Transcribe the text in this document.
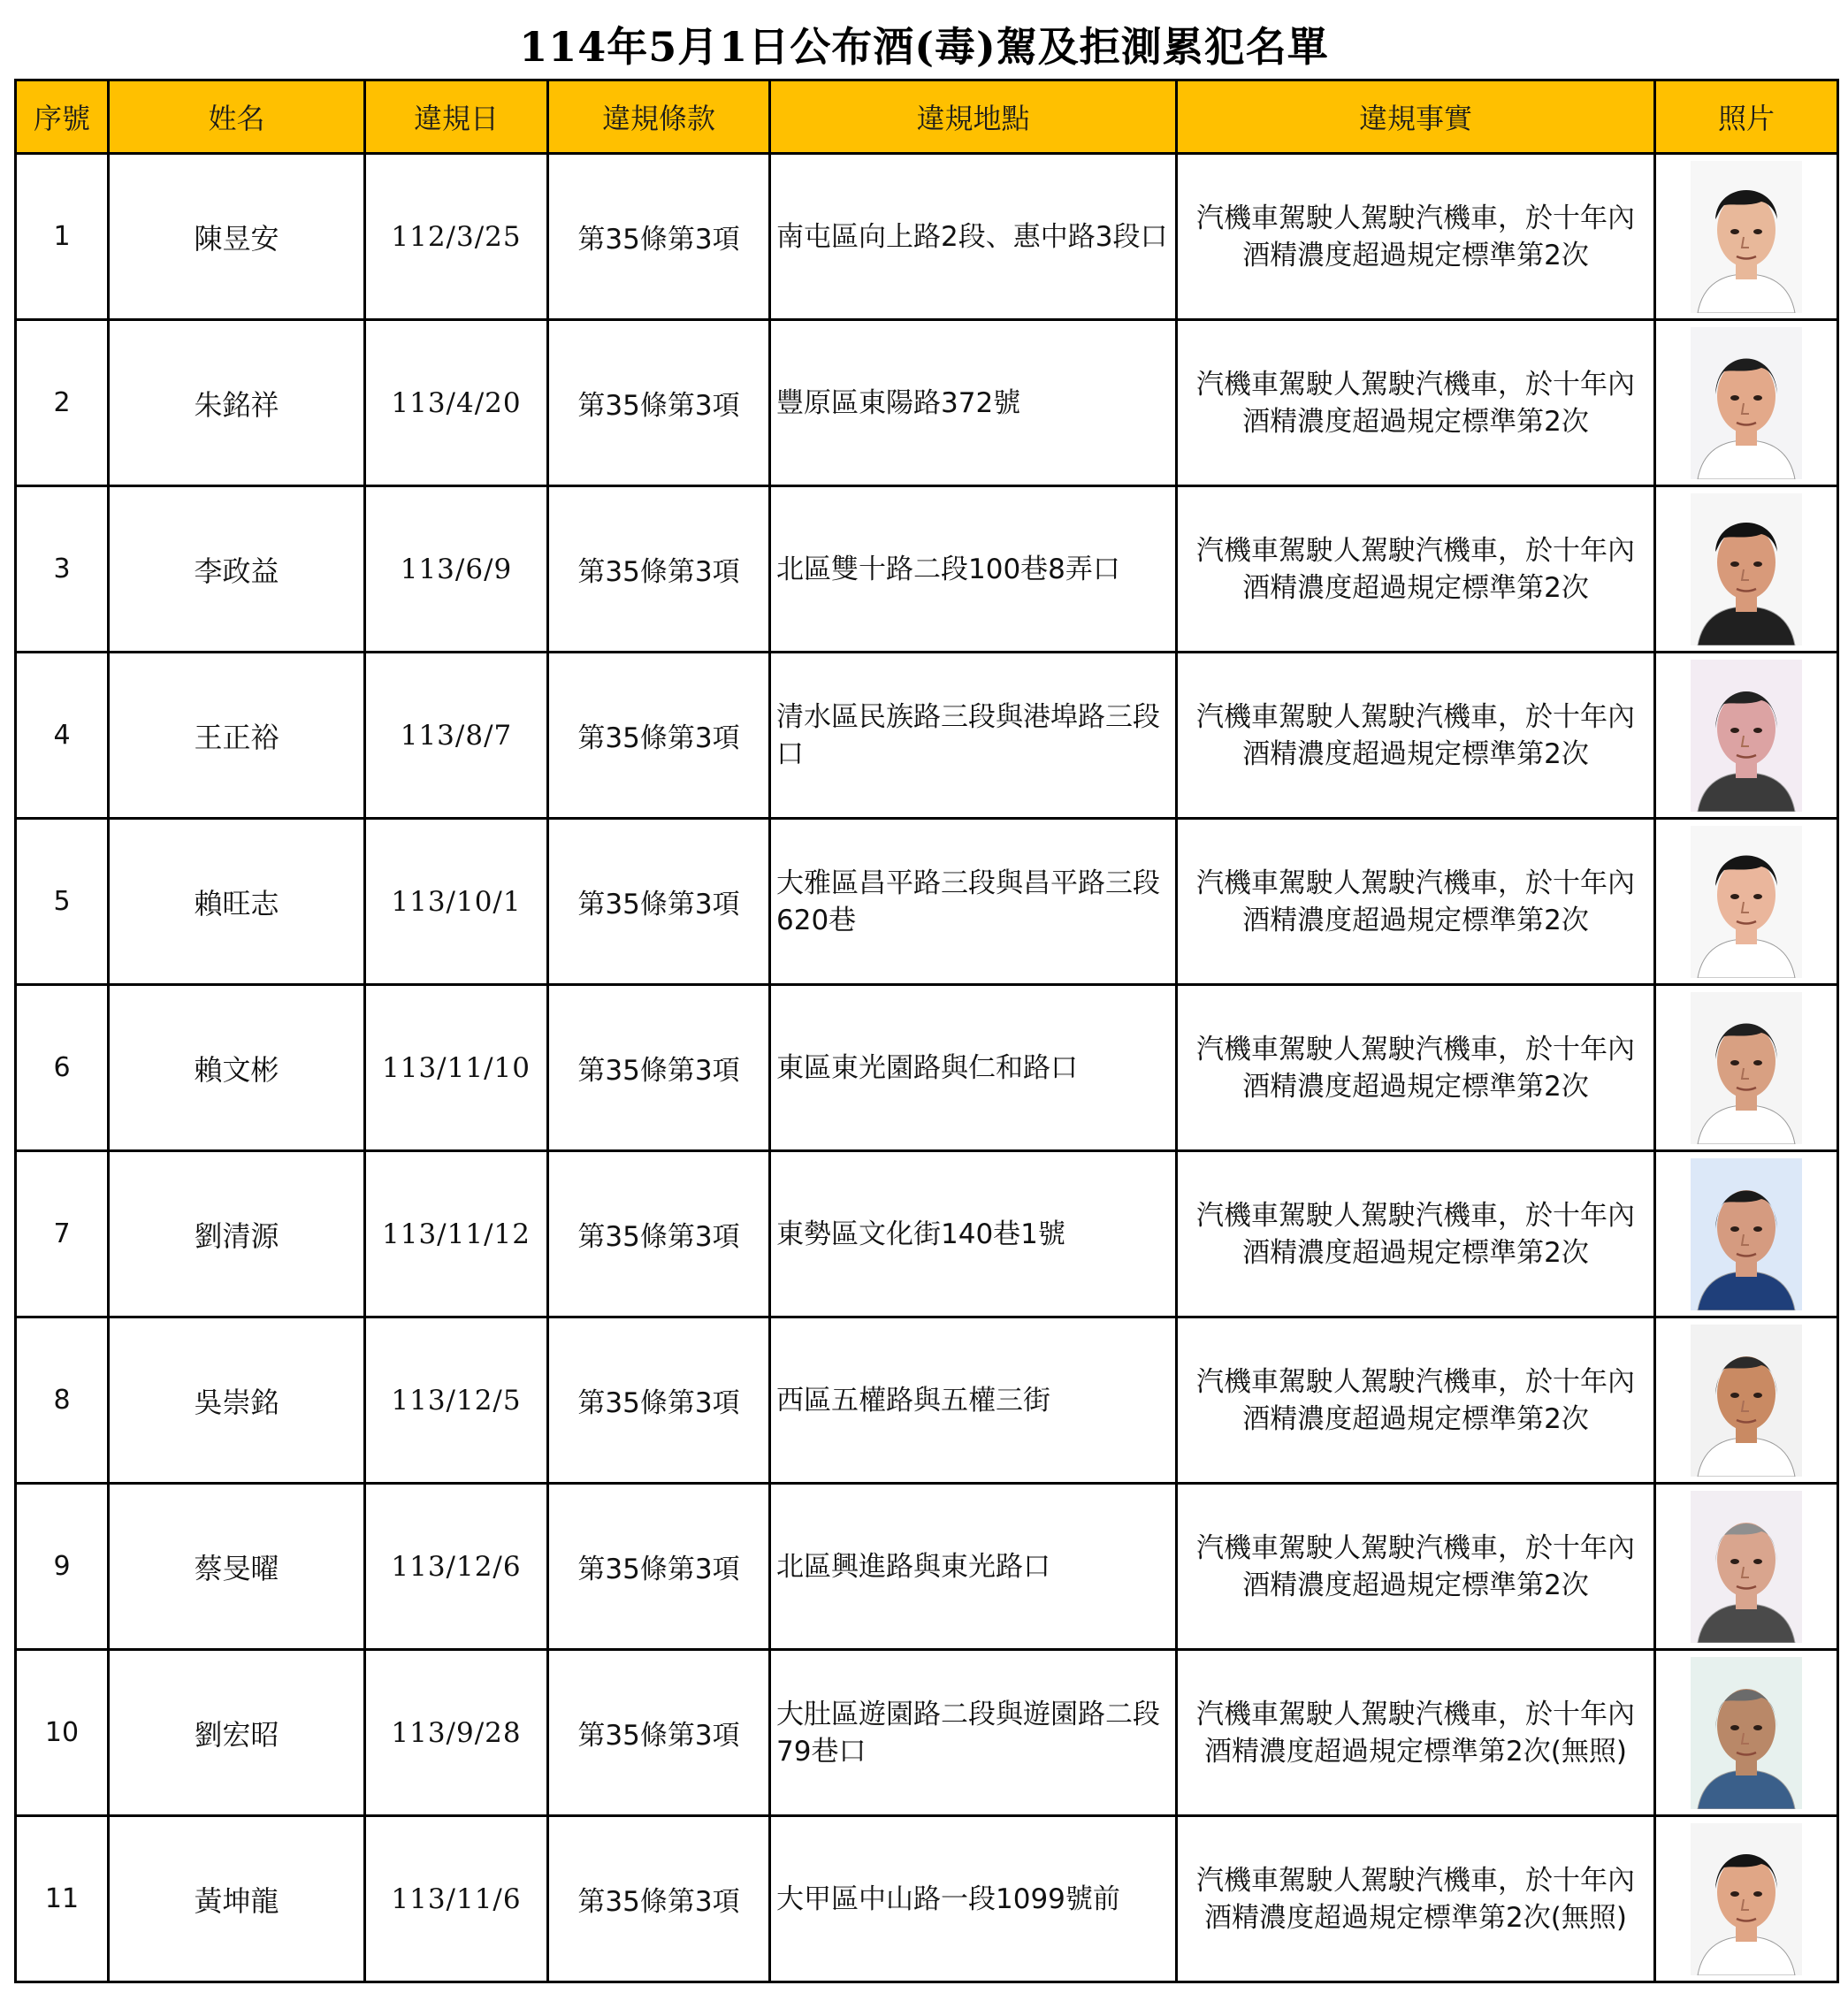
114年5月1日公布酒(毒)駕及拒測累犯名單
序號	姓名	違規日	違規條款	違規地點	違規事實	照片
1	陳昱安	112/3/25	第35條第3項	南屯區向上路2段、惠中路3段口	汽機車駕駛人駕駛汽機車，於十年內
酒精濃度超過規定標準第2次

2	朱銘祥	113/4/20	第35條第3項	豐原區東陽路372號	汽機車駕駛人駕駛汽機車，於十年內
酒精濃度超過規定標準第2次

3	李政益	113/6/9	第35條第3項	北區雙十路二段100巷8弄口	汽機車駕駛人駕駛汽機車，於十年內
酒精濃度超過規定標準第2次

4	王正裕	113/8/7	第35條第3項	清水區民族路三段與港埠路三段口	汽機車駕駛人駕駛汽機車，於十年內
酒精濃度超過規定標準第2次

5	賴旺志	113/10/1	第35條第3項	大雅區昌平路三段與昌平路三段620巷	汽機車駕駛人駕駛汽機車，於十年內
酒精濃度超過規定標準第2次

6	賴文彬	113/11/10	第35條第3項	東區東光園路與仁和路口	汽機車駕駛人駕駛汽機車，於十年內
酒精濃度超過規定標準第2次

7	劉清源	113/11/12	第35條第3項	東勢區文化街140巷1號	汽機車駕駛人駕駛汽機車，於十年內
酒精濃度超過規定標準第2次

8	吳崇銘	113/12/5	第35條第3項	西區五權路與五權三街	汽機車駕駛人駕駛汽機車，於十年內
酒精濃度超過規定標準第2次

9	蔡旻曜	113/12/6	第35條第3項	北區興進路與東光路口	汽機車駕駛人駕駛汽機車，於十年內
酒精濃度超過規定標準第2次

10	劉宏昭	113/9/28	第35條第3項	大肚區遊園路二段與遊園路二段79巷口	汽機車駕駛人駕駛汽機車，於十年內
酒精濃度超過規定標準第2次(無照)

11	黃坤龍	113/11/6	第35條第3項	大甲區中山路一段1099號前	汽機車駕駛人駕駛汽機車，於十年內
酒精濃度超過規定標準第2次(無照)
